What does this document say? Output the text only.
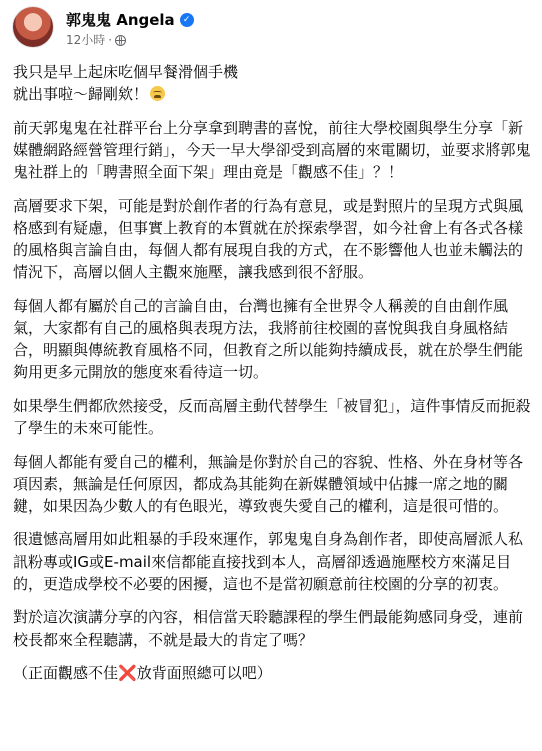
郭鬼鬼 Angela ✓
12小時 ·

我只是早上起床吃個早餐滑個手機
就出事啦～歸剛欸！

前天郭鬼鬼在社群平台上分享拿到聘書的喜悅，前往大學校園與學生分享「新媒體網路經營管理行銷」，今天一早大學卻受到高層的來電關切，並要求將郭鬼鬼社群上的「聘書照全面下架」理由竟是「觀感不佳」？！

高層要求下架，可能是對於創作者的行為有意見，或是對照片的呈現方式與風格感到有疑慮，但事實上教育的本質就在於探索學習，如今社會上有各式各樣的風格與言論自由，每個人都有展現自我的方式，在不影響他人也並未觸法的情況下，高層以個人主觀來施壓，讓我感到很不舒服。

每個人都有屬於自己的言論自由，台灣也擁有全世界令人稱羨的自由創作風氣，大家都有自己的風格與表現方法，我將前往校園的喜悅與我自身風格結合，明顯與傳統教育風格不同，但教育之所以能夠持續成長，就在於學生們能夠用更多元開放的態度來看待這一切。

如果學生們都欣然接受，反而高層主動代替學生「被冒犯」，這件事情反而扼殺了學生的未來可能性。

每個人都能有愛自己的權利，無論是你對於自己的容貌、性格、外在身材等各項因素，無論是任何原因，都成為其能夠在新媒體領域中佔據一席之地的關鍵，如果因為少數人的有色眼光，導致喪失愛自己的權利，這是很可惜的。

很遺憾高層用如此粗暴的手段來運作，郭鬼鬼自身為創作者，即使高層派人私訊粉專或IG或E-mail來信都能直接找到本人，高層卻透過施壓校方來滿足目的，更造成學校不必要的困擾，這也不是當初願意前往校園的分享的初衷。

對於這次演講分享的內容，相信當天聆聽課程的學生們最能夠感同身受，連前校長都來全程聽講，不就是最大的肯定了嗎？

（正面觀感不佳❌放背面照總可以吧）
